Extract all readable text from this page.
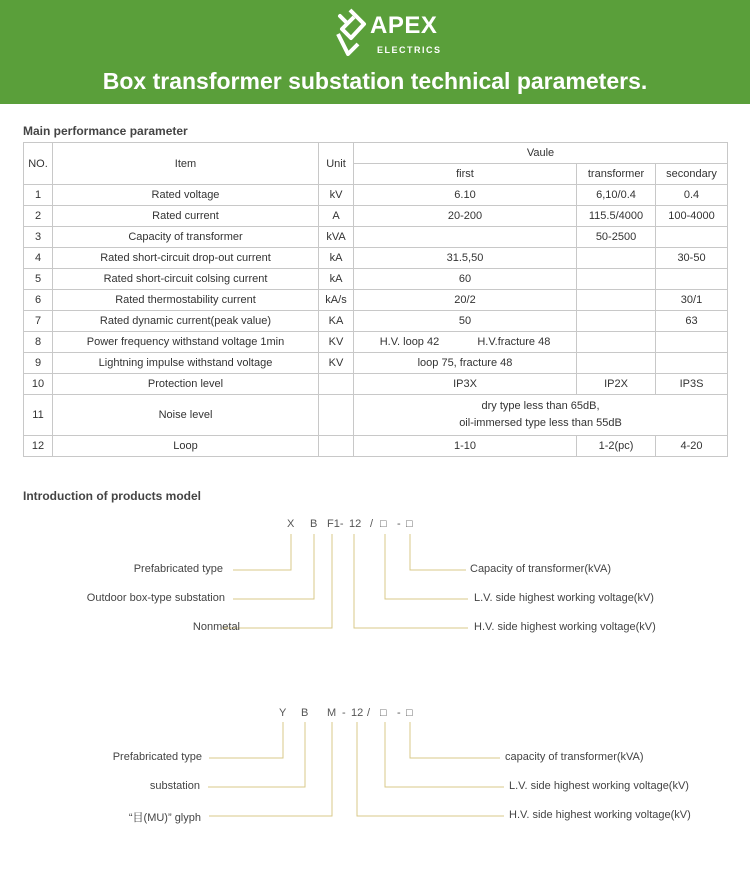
APEX
ELECTRICS
Box transformer substation technical parameters.
Main performance parameter
NO.	Item	Unit	Vaule		
			first	transformer	secondary
1	Rated voltage	kV	6.10	6,10/0.4	0.4
2	Rated current	A	20-200	115.5/4000	100-4000
3	Capacity of transformer	kVA		50-2500	
4	Rated short-circuit drop-out current	kA	31.5,50		30-50
5	Rated short-circuit colsing current	kA	60		
6	Rated thermostability current	kA/s	20/2		30/1
7	Rated dynamic current(peak value)	KA	50		63
8	Power frequency withstand voltage 1min	KV	H.V. loop 42 H.V.fracture 48		
9	Lightning impulse withstand voltage	KV	loop 75, fracture 48		
10	Protection level		IP3X	IP2X	IP3S
11	Noise level		dry type less than 65dB,
oil-immersed type less than 55dB		

12	Loop		1-10	1-2(pc)	4-20
Introduction of products model
X B F1- 12 / □ - □
Prefabricated type
Outdoor box-type substation
Nonmetal
Capacity of transformer(kVA)
L.V. side highest working voltage(kV)
H.V. side highest working voltage(kV)
Y B M - 12 / □ - □
Prefabricated type
substation
“目(MU)” glyph
capacity of transformer(kVA)
L.V. side highest working voltage(kV)
H.V. side highest working voltage(kV)
